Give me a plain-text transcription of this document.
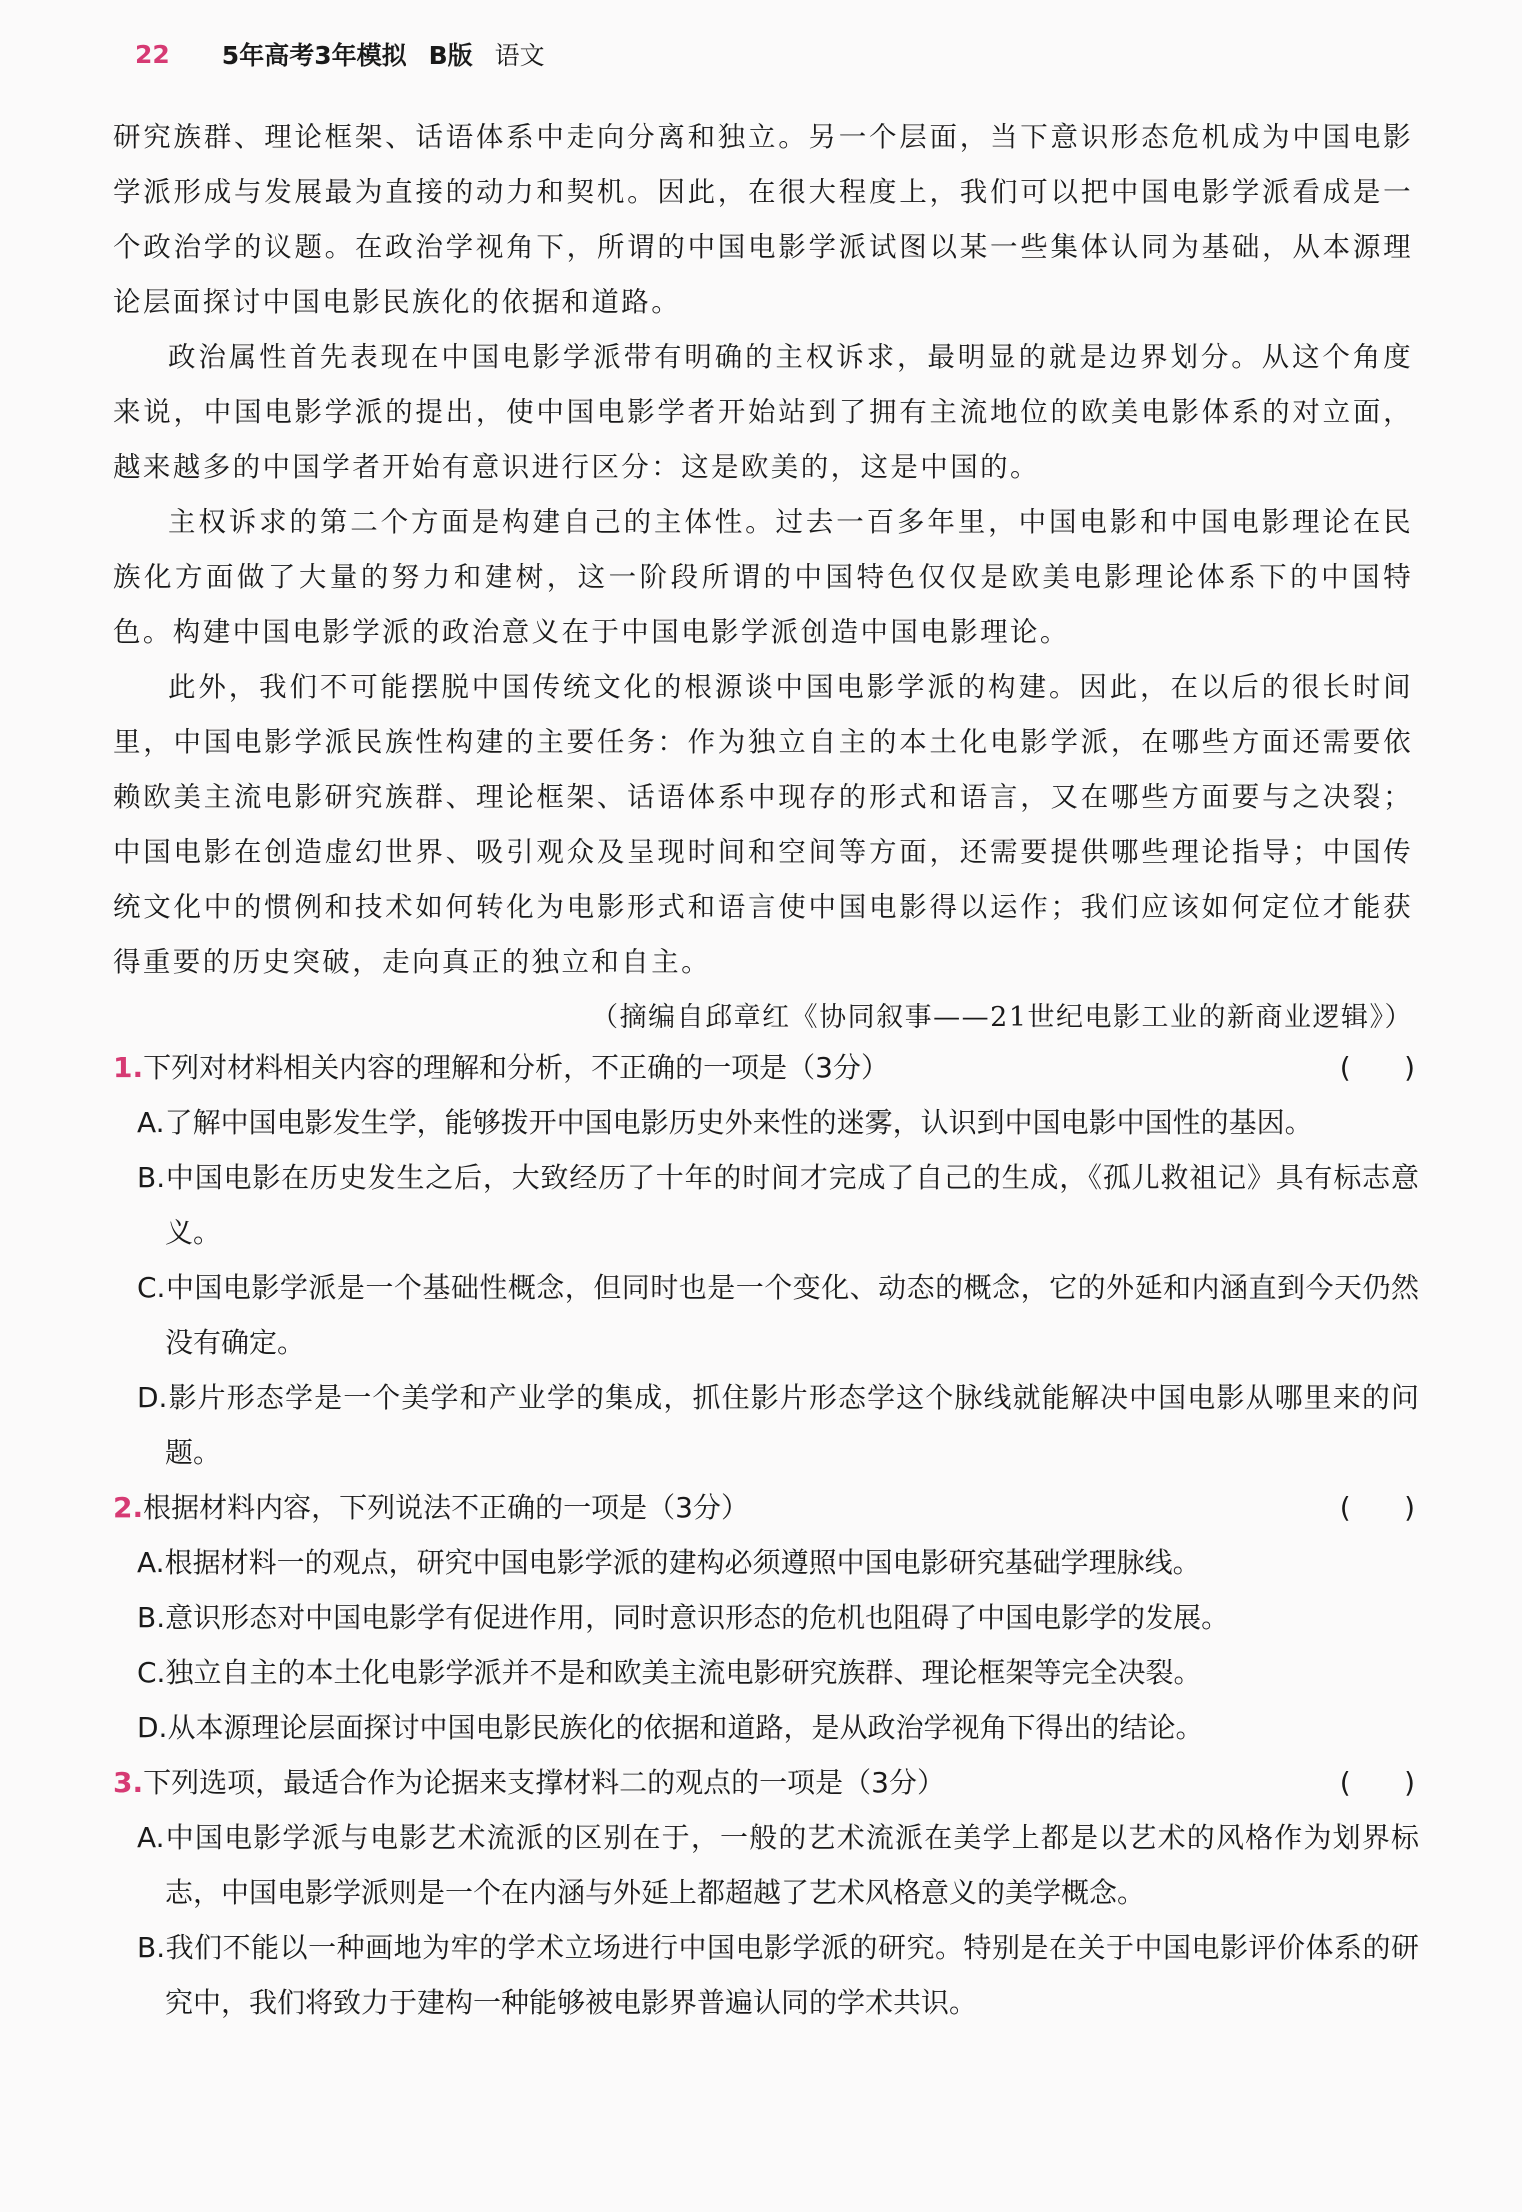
22 5年高考3年模拟 B版 语文

研究族群、理论框架、话语体系中走向分离和独立。另一个层面，当下意识形态危机成为中国电影学派形成与发展最为直接的动力和契机。因此，在很大程度上，我们可以把中国电影学派看成是一个政治学的议题。在政治学视角下，所谓的中国电影学派试图以某一些集体认同为基础，从本源理论层面探讨中国电影民族化的依据和道路。

政治属性首先表现在中国电影学派带有明确的主权诉求，最明显的就是边界划分。从这个角度来说，中国电影学派的提出，使中国电影学者开始站到了拥有主流地位的欧美电影体系的对立面，越来越多的中国学者开始有意识进行区分：这是欧美的，这是中国的。

主权诉求的第二个方面是构建自己的主体性。过去一百多年里，中国电影和中国电影理论在民族化方面做了大量的努力和建树，这一阶段所谓的中国特色仅仅是欧美电影理论体系下的中国特色。构建中国电影学派的政治意义在于中国电影学派创造中国电影理论。

此外，我们不可能摆脱中国传统文化的根源谈中国电影学派的构建。因此，在以后的很长时间里，中国电影学派民族性构建的主要任务：作为独立自主的本土化电影学派，在哪些方面还需要依赖欧美主流电影研究族群、理论框架、话语体系中现存的形式和语言，又在哪些方面要与之决裂；中国电影在创造虚幻世界、吸引观众及呈现时间和空间等方面，还需要提供哪些理论指导；中国传统文化中的惯例和技术如何转化为电影形式和语言使中国电影得以运作；我们应该如何定位才能获得重要的历史突破，走向真正的独立和自主。

（摘编自邱章红《协同叙事——21世纪电影工业的新商业逻辑》）

1.下列对材料相关内容的理解和分析，不正确的一项是（3分）	(      )
A.了解中国电影发生学，能够拨开中国电影历史外来性的迷雾，认识到中国电影中国性的基因。
B.中国电影在历史发生之后，大致经历了十年的时间才完成了自己的生成，《孤儿救祖记》具有标志意义。
C.中国电影学派是一个基础性概念，但同时也是一个变化、动态的概念，它的外延和内涵直到今天仍然没有确定。
D.影片形态学是一个美学和产业学的集成，抓住影片形态学这个脉线就能解决中国电影从哪里来的问题。
2.根据材料内容，下列说法不正确的一项是（3分）	(      )
A.根据材料一的观点，研究中国电影学派的建构必须遵照中国电影研究基础学理脉线。
B.意识形态对中国电影学有促进作用，同时意识形态的危机也阻碍了中国电影学的发展。
C.独立自主的本土化电影学派并不是和欧美主流电影研究族群、理论框架等完全决裂。
D.从本源理论层面探讨中国电影民族化的依据和道路，是从政治学视角下得出的结论。
3.下列选项，最适合作为论据来支撑材料二的观点的一项是（3分）	(      )
A.中国电影学派与电影艺术流派的区别在于，一般的艺术流派在美学上都是以艺术的风格作为划界标志，中国电影学派则是一个在内涵与外延上都超越了艺术风格意义的美学概念。
B.我们不能以一种画地为牢的学术立场进行中国电影学派的研究。特别是在关于中国电影评价体系的研究中，我们将致力于建构一种能够被电影界普遍认同的学术共识。
